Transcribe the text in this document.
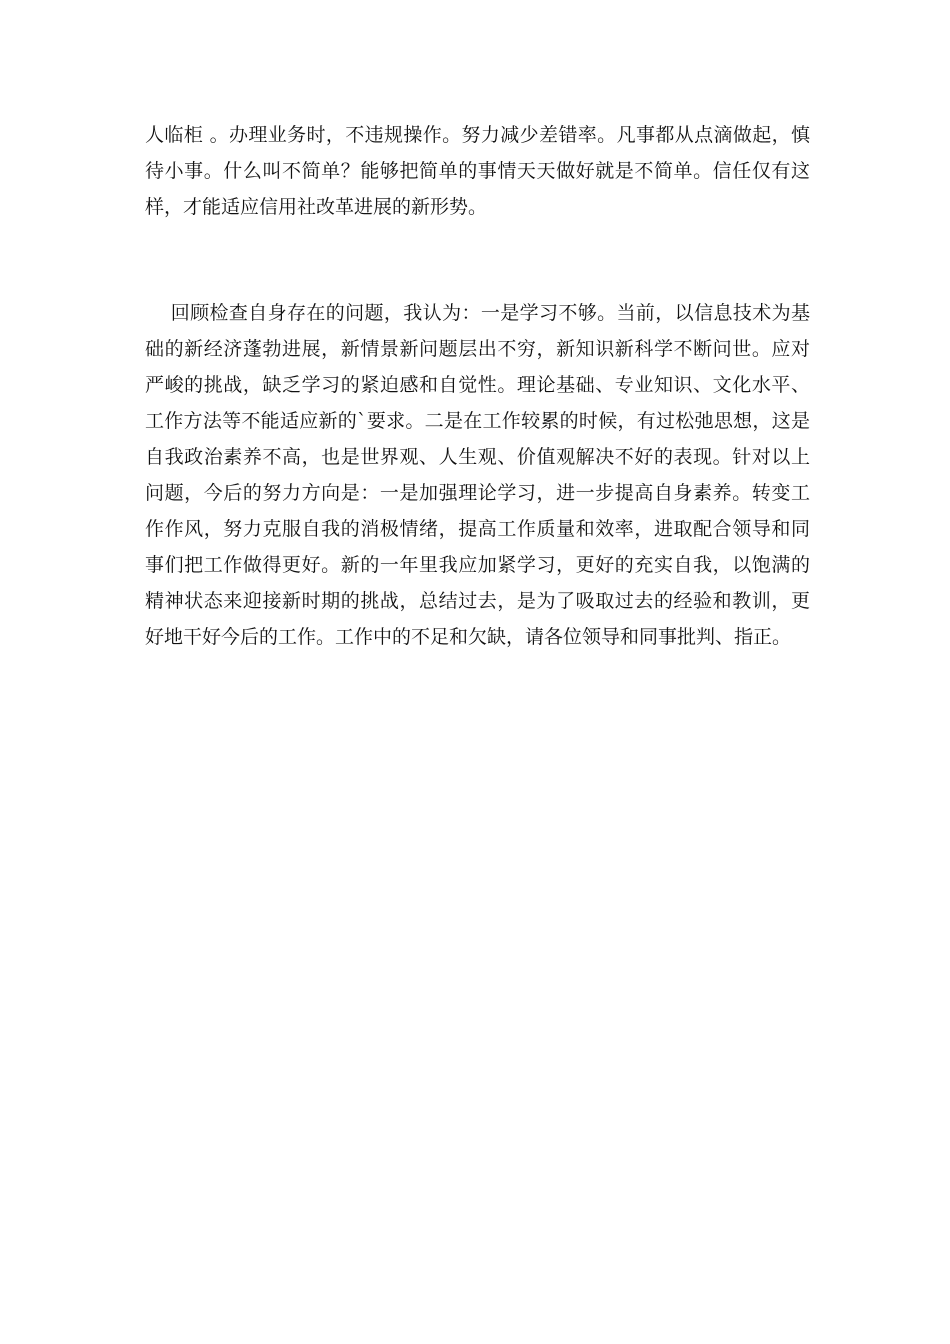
人临柜 。办理业务时，不违规操作。努力减少差错率。凡事都从点滴做起，慎
待小事。什么叫不简单？能够把简单的事情天天做好就是不简单。信任仅有这
样，才能适应信用社改革进展的新形势。
回顾检查自身存在的问题，我认为：一是学习不够。当前，以信息技术为基
础的新经济蓬勃进展，新情景新问题层出不穷，新知识新科学不断问世。应对
严峻的挑战，缺乏学习的紧迫感和自觉性。理论基础、专业知识、文化水平、
工作方法等不能适应新的`要求。二是在工作较累的时候，有过松弛思想，这是
自我政治素养不高，也是世界观、人生观、价值观解决不好的表现。针对以上
问题，今后的努力方向是：一是加强理论学习，进一步提高自身素养。转变工
作作风，努力克服自我的消极情绪，提高工作质量和效率，进取配合领导和同
事们把工作做得更好。新的一年里我应加紧学习，更好的充实自我，以饱满的
精神状态来迎接新时期的挑战，总结过去，是为了吸取过去的经验和教训，更
好地干好今后的工作。工作中的不足和欠缺，请各位领导和同事批判、指正。
